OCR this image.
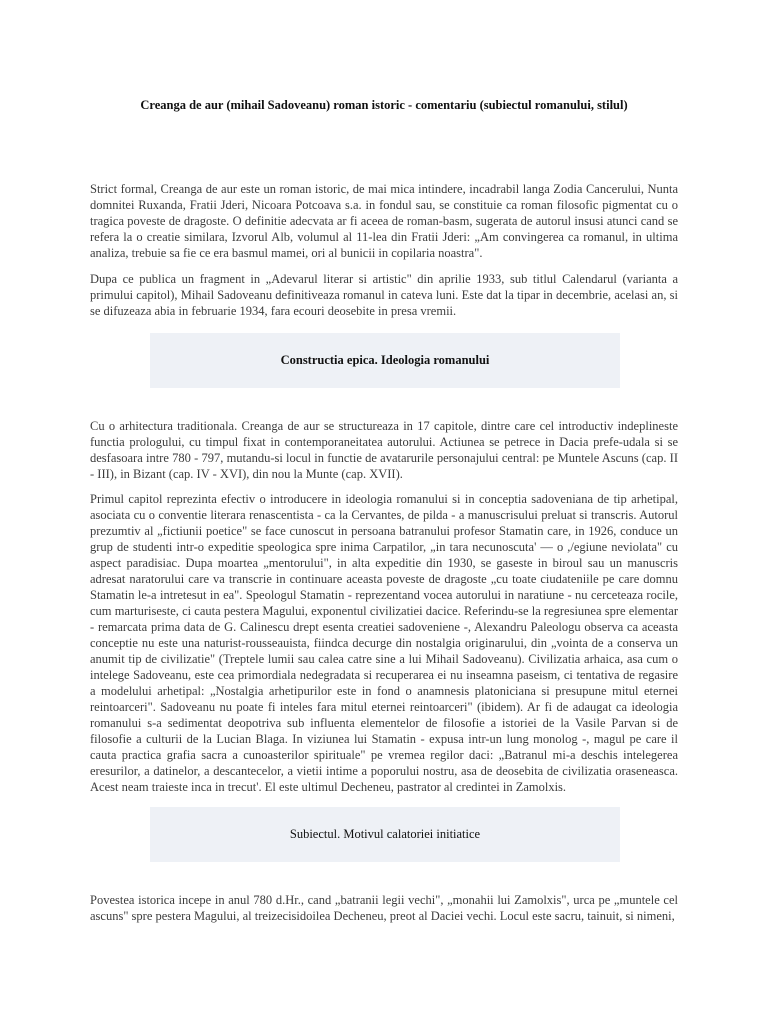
Creanga de aur (mihail Sadoveanu) roman istoric - comentariu (subiectul romanului, stilul)

Strict formal, Creanga de aur este un roman istoric, de mai mica intindere, incadrabil langa Zodia Cancerului, Nunta domnitei Ruxanda, Fratii Jderi, Nicoara Potcoava s.a. in fondul sau, se constituie ca roman filosofic pigmentat cu o tragica poveste de dragoste. O definitie adecvata ar fi aceea de roman-basm, sugerata de autorul insusi atunci cand se refera la o creatie similara, Izvorul Alb, volumul al 11-lea din Fratii Jderi: „Am convingerea ca romanul, in ultima analiza, trebuie sa fie ce era basmul mamei, ori al bunicii in copilaria noastra".

Dupa ce publica un fragment in „Adevarul literar si artistic" din aprilie 1933, sub titlul Calendarul (varianta a primului capitol), Mihail Sadoveanu definitiveaza romanul in cateva luni. Este dat la tipar in decembrie, acelasi an, si se difuzeaza abia in februarie 1934, fara ecouri deosebite in presa vremii.

Constructia epica. Ideologia romanului

Cu o arhitectura traditionala. Creanga de aur se structureaza in 17 capitole, dintre care cel introductiv indeplineste functia prologului, cu timpul fixat in contemporaneitatea autorului. Actiunea se petrece in Dacia prefe-udala si se desfasoara intre 780 - 797, mutandu-si locul in functie de avatarurile personajului central: pe Muntele Ascuns (cap. II - III), in Bizant (cap. IV - XVI), din nou la Munte (cap. XVII).

Primul capitol reprezinta efectiv o introducere in ideologia romanului si in conceptia sadoveniana de tip arhetipal, asociata cu o conventie literara renascentista - ca la Cervantes, de pilda - a manuscrisului preluat si transcris. Autorul prezumtiv al „fictiunii poetice" se face cunoscut in persoana batranului profesor Stamatin care, in 1926, conduce un grup de studenti intr-o expeditie speologica spre inima Carpatilor, „in tara necunoscuta' — o ,/egiune neviolata" cu aspect paradisiac. Dupa moartea „mentorului", in alta expeditie din 1930, se gaseste in biroul sau un manuscris adresat naratorului care va transcrie in continuare aceasta poveste de dragoste „cu toate ciudateniile pe care domnu Stamatin le-a intretesut in ea". Speologul Stamatin - reprezentand vocea autorului in naratiune - nu cerceteaza rocile, cum marturiseste, ci cauta pestera Magului, exponentul civilizatiei dacice. Referindu-se la regresiunea spre elementar - remarcata prima data de G. Calinescu drept esenta creatiei sadoveniene -, Alexandru Paleologu observa ca aceasta conceptie nu este una naturist-rousseauista, fiindca decurge din nostalgia originarului, din „vointa de a conserva un anumit tip de civilizatie" (Treptele lumii sau calea catre sine a lui Mihail Sadoveanu). Civilizatia arhaica, asa cum o intelege Sadoveanu, este cea primordiala nedegradata si recuperarea ei nu inseamna paseism, ci tentativa de regasire a modelului arhetipal: „Nostalgia arhetipurilor este in fond o anamnesis platoniciana si presupune mitul eternei reintoarceri". Sadoveanu nu poate fi inteles fara mitul eternei reintoarceri" (ibidem). Ar fi de adaugat ca ideologia romanului s-a sedimentat deopotriva sub influenta elementelor de filosofie a istoriei de la Vasile Parvan si de filosofie a culturii de la Lucian Blaga. In viziunea lui Stamatin - expusa intr-un lung monolog -, magul pe care il cauta practica grafia sacra a cunoasterilor spirituale" pe vremea regilor daci: „Batranul mi-a deschis intelegerea eresurilor, a datinelor, a descantecelor, a vietii intime a poporului nostru, asa de deosebita de civilizatia oraseneasca. Acest neam traieste inca in trecut'. El este ultimul Decheneu, pastrator al credintei in Zamolxis.

Subiectul. Motivul calatoriei initiatice

Povestea istorica incepe in anul 780 d.Hr., cand „batranii legii vechi", „monahii lui Zamolxis", urca pe „muntele cel ascuns" spre pestera Magului, al treizecisidoilea Decheneu, preot al Daciei vechi. Locul este sacru, tainuit, si nimeni,
